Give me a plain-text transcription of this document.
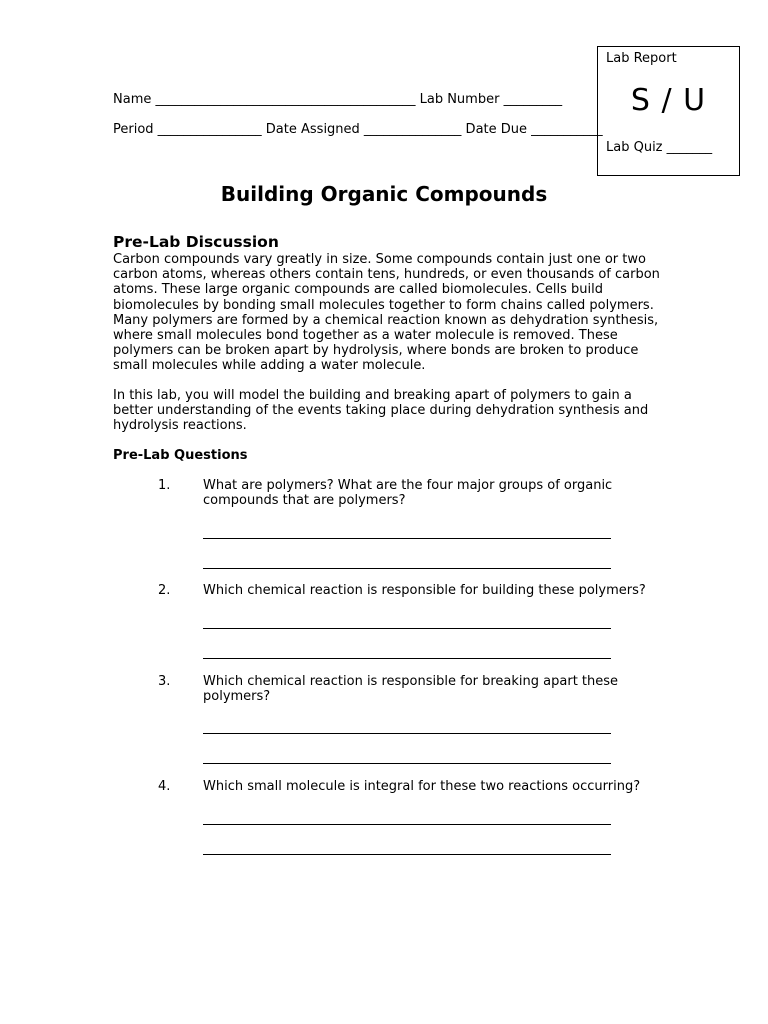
Name ________________________________________ Lab Number _________
Period ________________ Date Assigned _______________ Date Due ___________
Lab Report
S / U
Lab Quiz _______
Building Organic Compounds
Pre-Lab Discussion
Carbon compounds vary greatly in size. Some compounds contain just one or two
carbon atoms, whereas others contain tens, hundreds, or even thousands of carbon
atoms. These large organic compounds are called biomolecules. Cells build
biomolecules by bonding small molecules together to form chains called polymers.
Many polymers are formed by a chemical reaction known as dehydration synthesis,
where small molecules bond together as a water molecule is removed. These
polymers can be broken apart by hydrolysis, where bonds are broken to produce
small molecules while adding a water molecule.
In this lab, you will model the building and breaking apart of polymers to gain a
better understanding of the events taking place during dehydration synthesis and
hydrolysis reactions.
Pre-Lab Questions
1.	What are polymers? What are the four major groups of organic
compounds that are polymers?
2.	Which chemical reaction is responsible for building these polymers?
3.	Which chemical reaction is responsible for breaking apart these
polymers?
4.	Which small molecule is integral for these two reactions occurring?
